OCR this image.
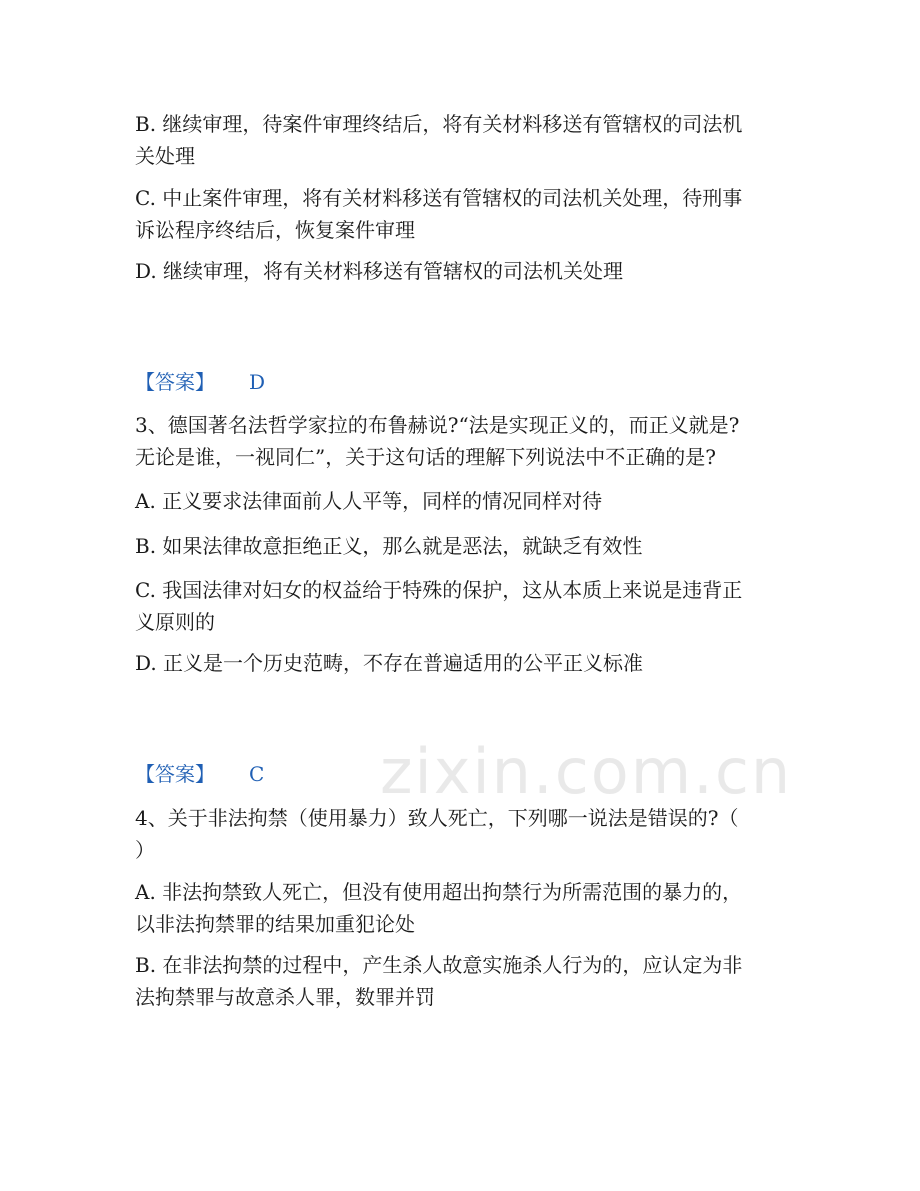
zixin.com.cn
B. 继续审理，待案件审理终结后，将有关材料移送有管辖权的司法机
关处理
C. 中止案件审理，将有关材料移送有管辖权的司法机关处理，待刑事
诉讼程序终结后，恢复案件审理
D. 继续审理，将有关材料移送有管辖权的司法机关处理
【答案】 D
3、德国著名法哲学家拉的布鲁赫说?“法是实现正义的，而正义就是?
无论是谁，一视同仁”，关于这句话的理解下列说法中不正确的是?
A. 正义要求法律面前人人平等，同样的情况同样对待
B. 如果法律故意拒绝正义，那么就是恶法，就缺乏有效性
C. 我国法律对妇女的权益给于特殊的保护，这从本质上来说是违背正
义原则的
D. 正义是一个历史范畴，不存在普遍适用的公平正义标准
【答案】 C
4、关于非法拘禁（使用暴力）致人死亡，下列哪一说法是错误的?（
）
A. 非法拘禁致人死亡，但没有使用超出拘禁行为所需范围的暴力的，
以非法拘禁罪的结果加重犯论处
B. 在非法拘禁的过程中，产生杀人故意实施杀人行为的，应认定为非
法拘禁罪与故意杀人罪，数罪并罚
